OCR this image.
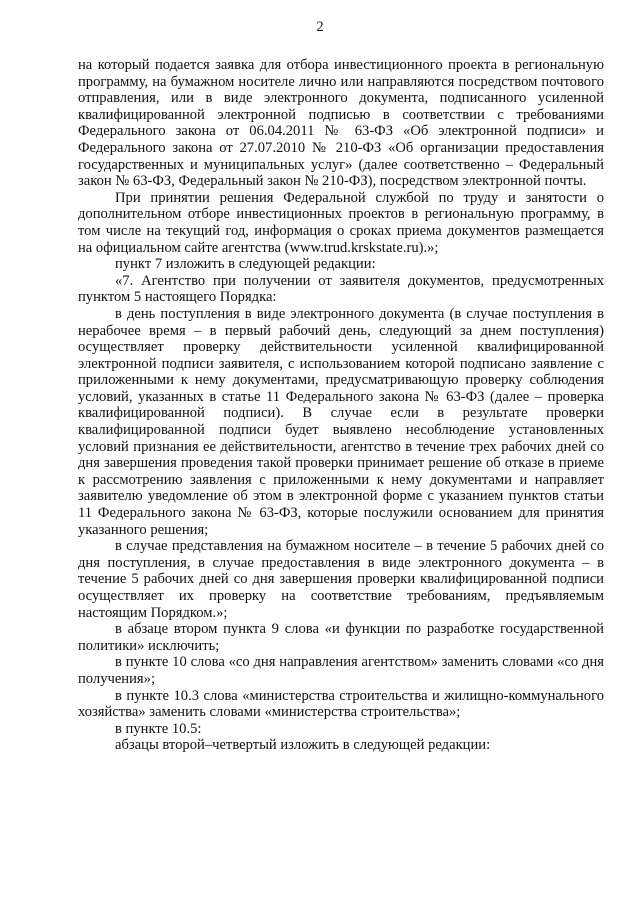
2

на который подается заявка для отбора инвестиционного проекта в региональную программу, на бумажном носителе лично или направляются посредством почтового отправления, или в виде электронного документа, подписанного усиленной квалифицированной электронной подписью в соответствии с требованиями Федерального закона от 06.04.2011 № 63-ФЗ «Об электронной подписи» и Федерального закона от 27.07.2010 № 210-ФЗ «Об организации предоставления государственных и муниципальных услуг» (далее соответственно – Федеральный закон № 63-ФЗ, Федеральный закон № 210-ФЗ), посредством электронной почты.

При принятии решения Федеральной службой по труду и занятости о дополнительном отборе инвестиционных проектов в региональную программу, в том числе на текущий год, информация о сроках приема документов размещается на официальном сайте агентства (www.trud.krskstate.ru).»;

пункт 7 изложить в следующей редакции:

«7. Агентство при получении от заявителя документов, предусмотренных пунктом 5 настоящего Порядка:

в день поступления в виде электронного документа (в случае поступления в нерабочее время – в первый рабочий день, следующий за днем поступления) осуществляет проверку действительности усиленной квалифицированной электронной подписи заявителя, с использованием которой подписано заявление с приложенными к нему документами, предусматривающую проверку соблюдения условий, указанных в статье 11 Федерального закона № 63-ФЗ (далее – проверка квалифицированной подписи). В случае если в результате проверки квалифицированной подписи будет выявлено несоблюдение установленных условий признания ее действительности, агентство в течение трех рабочих дней со дня завершения проведения такой проверки принимает решение об отказе в приеме к рассмотрению заявления с приложенными к нему документами и направляет заявителю уведомление об этом в электронной форме с указанием пунктов статьи 11 Федерального закона № 63-ФЗ, которые послужили основанием для принятия указанного решения;

в случае представления на бумажном носителе – в течение 5 рабочих дней со дня поступления, в случае предоставления в виде электронного документа – в течение 5 рабочих дней со дня завершения проверки квалифицированной подписи осуществляет их проверку на соответствие требованиям, предъявляемым настоящим Порядком.»;

в абзаце втором пункта 9 слова «и функции по разработке государственной политики» исключить;

в пункте 10 слова «со дня направления агентством» заменить словами «со дня получения»;

в пункте 10.3 слова «министерства строительства и жилищно-коммунального хозяйства» заменить словами «министерства строительства»;

в пункте 10.5:

абзацы второй–четвертый изложить в следующей редакции:
